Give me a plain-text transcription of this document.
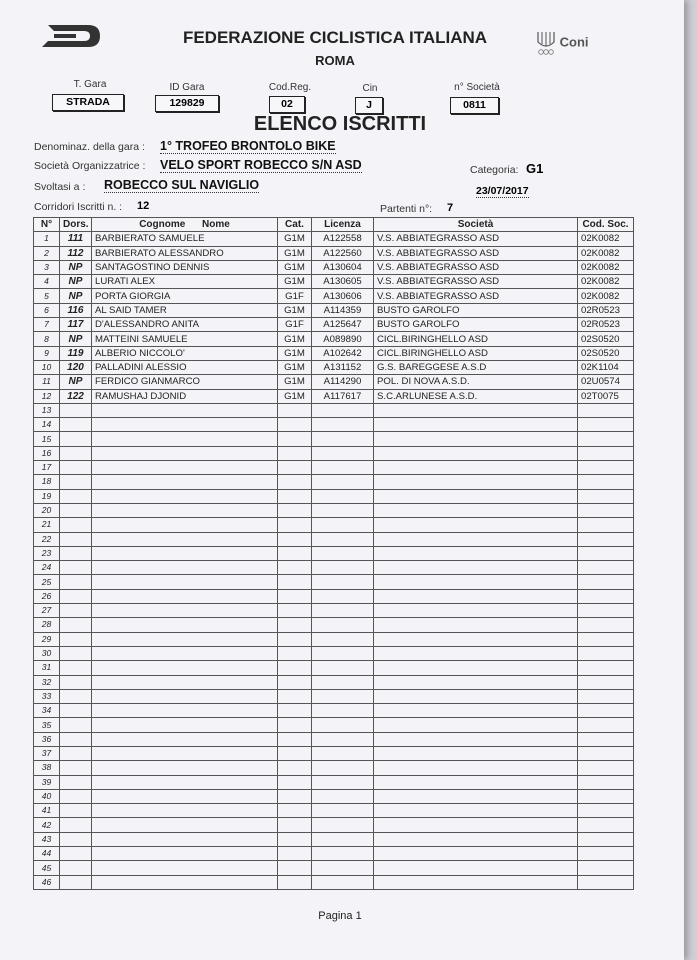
FEDERAZIONE CICLISTICA ITALIANA
ROMA
Coni
T. Gara
STRADA
ID Gara
129829
Cod.Reg.
02
Cin
J
n° Società
0811
ELENCO ISCRITTI
Denominaz. della gara : 1° TROFEO BRONTOLO BIKE
Società Organizzatrice : VELO SPORT ROBECCO S/N ASD	Categoria: G1
Svoltasi a : ROBECCO SUL NAVIGLIO	23/07/2017
Corridori Iscritti n. : 12	Partenti n°: 7
N°	Dors.	Cognome Nome	Cat.	Licenza	Società	Cod. Soc.
1	111	BARBIERATO SAMUELE	G1M	A122558	V.S. ABBIATEGRASSO ASD	02K0082
2	112	BARBIERATO ALESSANDRO	G1M	A122560	V.S. ABBIATEGRASSO ASD	02K0082
3	NP	SANTAGOSTINO DENNIS	G1M	A130604	V.S. ABBIATEGRASSO ASD	02K0082
4	NP	LURATI ALEX	G1M	A130605	V.S. ABBIATEGRASSO ASD	02K0082
5	NP	PORTA GIORGIA	G1F	A130606	V.S. ABBIATEGRASSO ASD	02K0082
6	116	AL SAID TAMER	G1M	A114359	BUSTO GAROLFO	02R0523
7	117	D'ALESSANDRO ANITA	G1F	A125647	BUSTO GAROLFO	02R0523
8	NP	MATTEINI SAMUELE	G1M	A089890	CICL.BIRINGHELLO ASD	02S0520
9	119	ALBERIO NICCOLO'	G1M	A102642	CICL.BIRINGHELLO ASD	02S0520
10	120	PALLADINI ALESSIO	G1M	A131152	G.S. BAREGGESE A.S.D	02K1104
11	NP	FERDICO GIANMARCO	G1M	A114290	POL. DI NOVA A.S.D.	02U0574
12	122	RAMUSHAJ DJONID	G1M	A117617	S.C.ARLUNESE A.S.D.	02T0075
13						
14						
15						
16						
17						
18						
19						
20						
21						
22						
23						
24						
25						
26						
27						
28						
29						
30						
31						
32						
33						
34						
35						
36						
37						
38						
39						
40						
41						
42						
43						
44						
45						
46						
Pagina 1
